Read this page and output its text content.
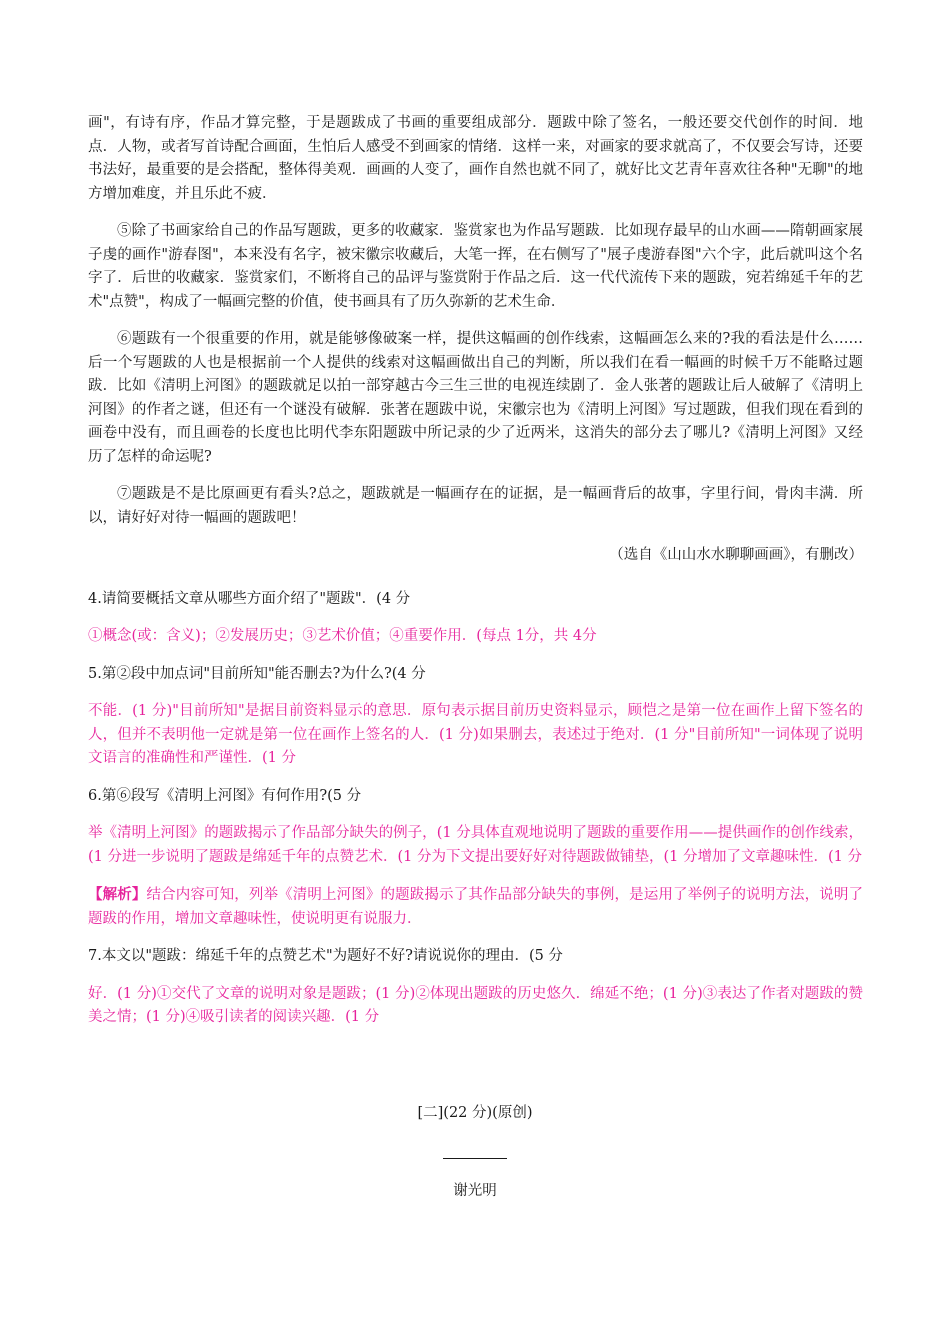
画"，有诗有序，作品才算完整，于是题跋成了书画的重要组成部分．题跋中除了签名，一般还要交代创作的时间．地点．人物，或者写首诗配合画面，生怕后人感受不到画家的情绪．这样一来，对画家的要求就高了，不仅要会写诗，还要书法好，最重要的是会搭配，整体得美观．画画的人变了，画作自然也就不同了，就好比文艺青年喜欢往各种"无聊"的地方增加难度，并且乐此不疲．

⑤除了书画家给自己的作品写题跋，更多的收藏家．鉴赏家也为作品写题跋．比如现存最早的山水画——隋朝画家展子虔的画作"游春图"，本来没有名字，被宋徽宗收藏后，大笔一挥，在右侧写了"展子虔游春图"六个字，此后就叫这个名字了．后世的收藏家．鉴赏家们，不断将自己的品评与鉴赏附于作品之后．这一代代流传下来的题跋，宛若绵延千年的艺术"点赞"，构成了一幅画完整的价值，使书画具有了历久弥新的艺术生命．

⑥题跋有一个很重要的作用，就是能够像破案一样，提供这幅画的创作线索，这幅画怎么来的?我的看法是什么……后一个写题跋的人也是根据前一个人提供的线索对这幅画做出自己的判断，所以我们在看一幅画的时候千万不能略过题跋．比如《清明上河图》的题跋就足以拍一部穿越古今三生三世的电视连续剧了．金人张著的题跋让后人破解了《清明上河图》的作者之谜，但还有一个谜没有破解．张著在题跋中说，宋徽宗也为《清明上河图》写过题跋，但我们现在看到的画卷中没有，而且画卷的长度也比明代李东阳题跋中所记录的少了近两米，这消失的部分去了哪儿?《清明上河图》又经历了怎样的命运呢?

⑦题跋是不是比原画更有看头?总之，题跋就是一幅画存在的证据，是一幅画背后的故事，字里行间，骨肉丰满．所以，请好好对待一幅画的题跋吧！

（选自《山山水水聊聊画画》，有删改）

4.请简要概括文章从哪些方面介绍了"题跋"．(4 分

①概念(或：含义)；②发展历史；③艺术价值；④重要作用．(每点 1分，共 4分

5.第②段中加点词"目前所知"能否删去?为什么?(4 分

不能．(1 分)"目前所知"是据目前资料显示的意思．原句表示据目前历史资料显示，顾恺之是第一位在画作上留下签名的人，但并不表明他一定就是第一位在画作上签名的人．(1 分)如果删去，表述过于绝对．(1 分"目前所知"一词体现了说明文语言的准确性和严谨性．(1 分

6.第⑥段写《清明上河图》有何作用?(5 分

举《清明上河图》的题跋揭示了作品部分缺失的例子，(1 分具体直观地说明了题跋的重要作用——提供画作的创作线索，(1 分进一步说明了题跋是绵延千年的点赞艺术．(1 分为下文提出要好好对待题跋做铺垫，(1 分增加了文章趣味性．(1 分

【解析】结合内容可知，列举《清明上河图》的题跋揭示了其作品部分缺失的事例，是运用了举例子的说明方法，说明了题跋的作用，增加文章趣味性，使说明更有说服力．

7.本文以"题跋：绵延千年的点赞艺术"为题好不好?请说说你的理由．(5 分

好．(1 分)①交代了文章的说明对象是题跋；(1 分)②体现出题跋的历史悠久．绵延不绝；(1 分)③表达了作者对题跋的赞美之情；(1 分)④吸引读者的阅读兴趣．(1 分

[二](22 分)(原创)
谢光明
